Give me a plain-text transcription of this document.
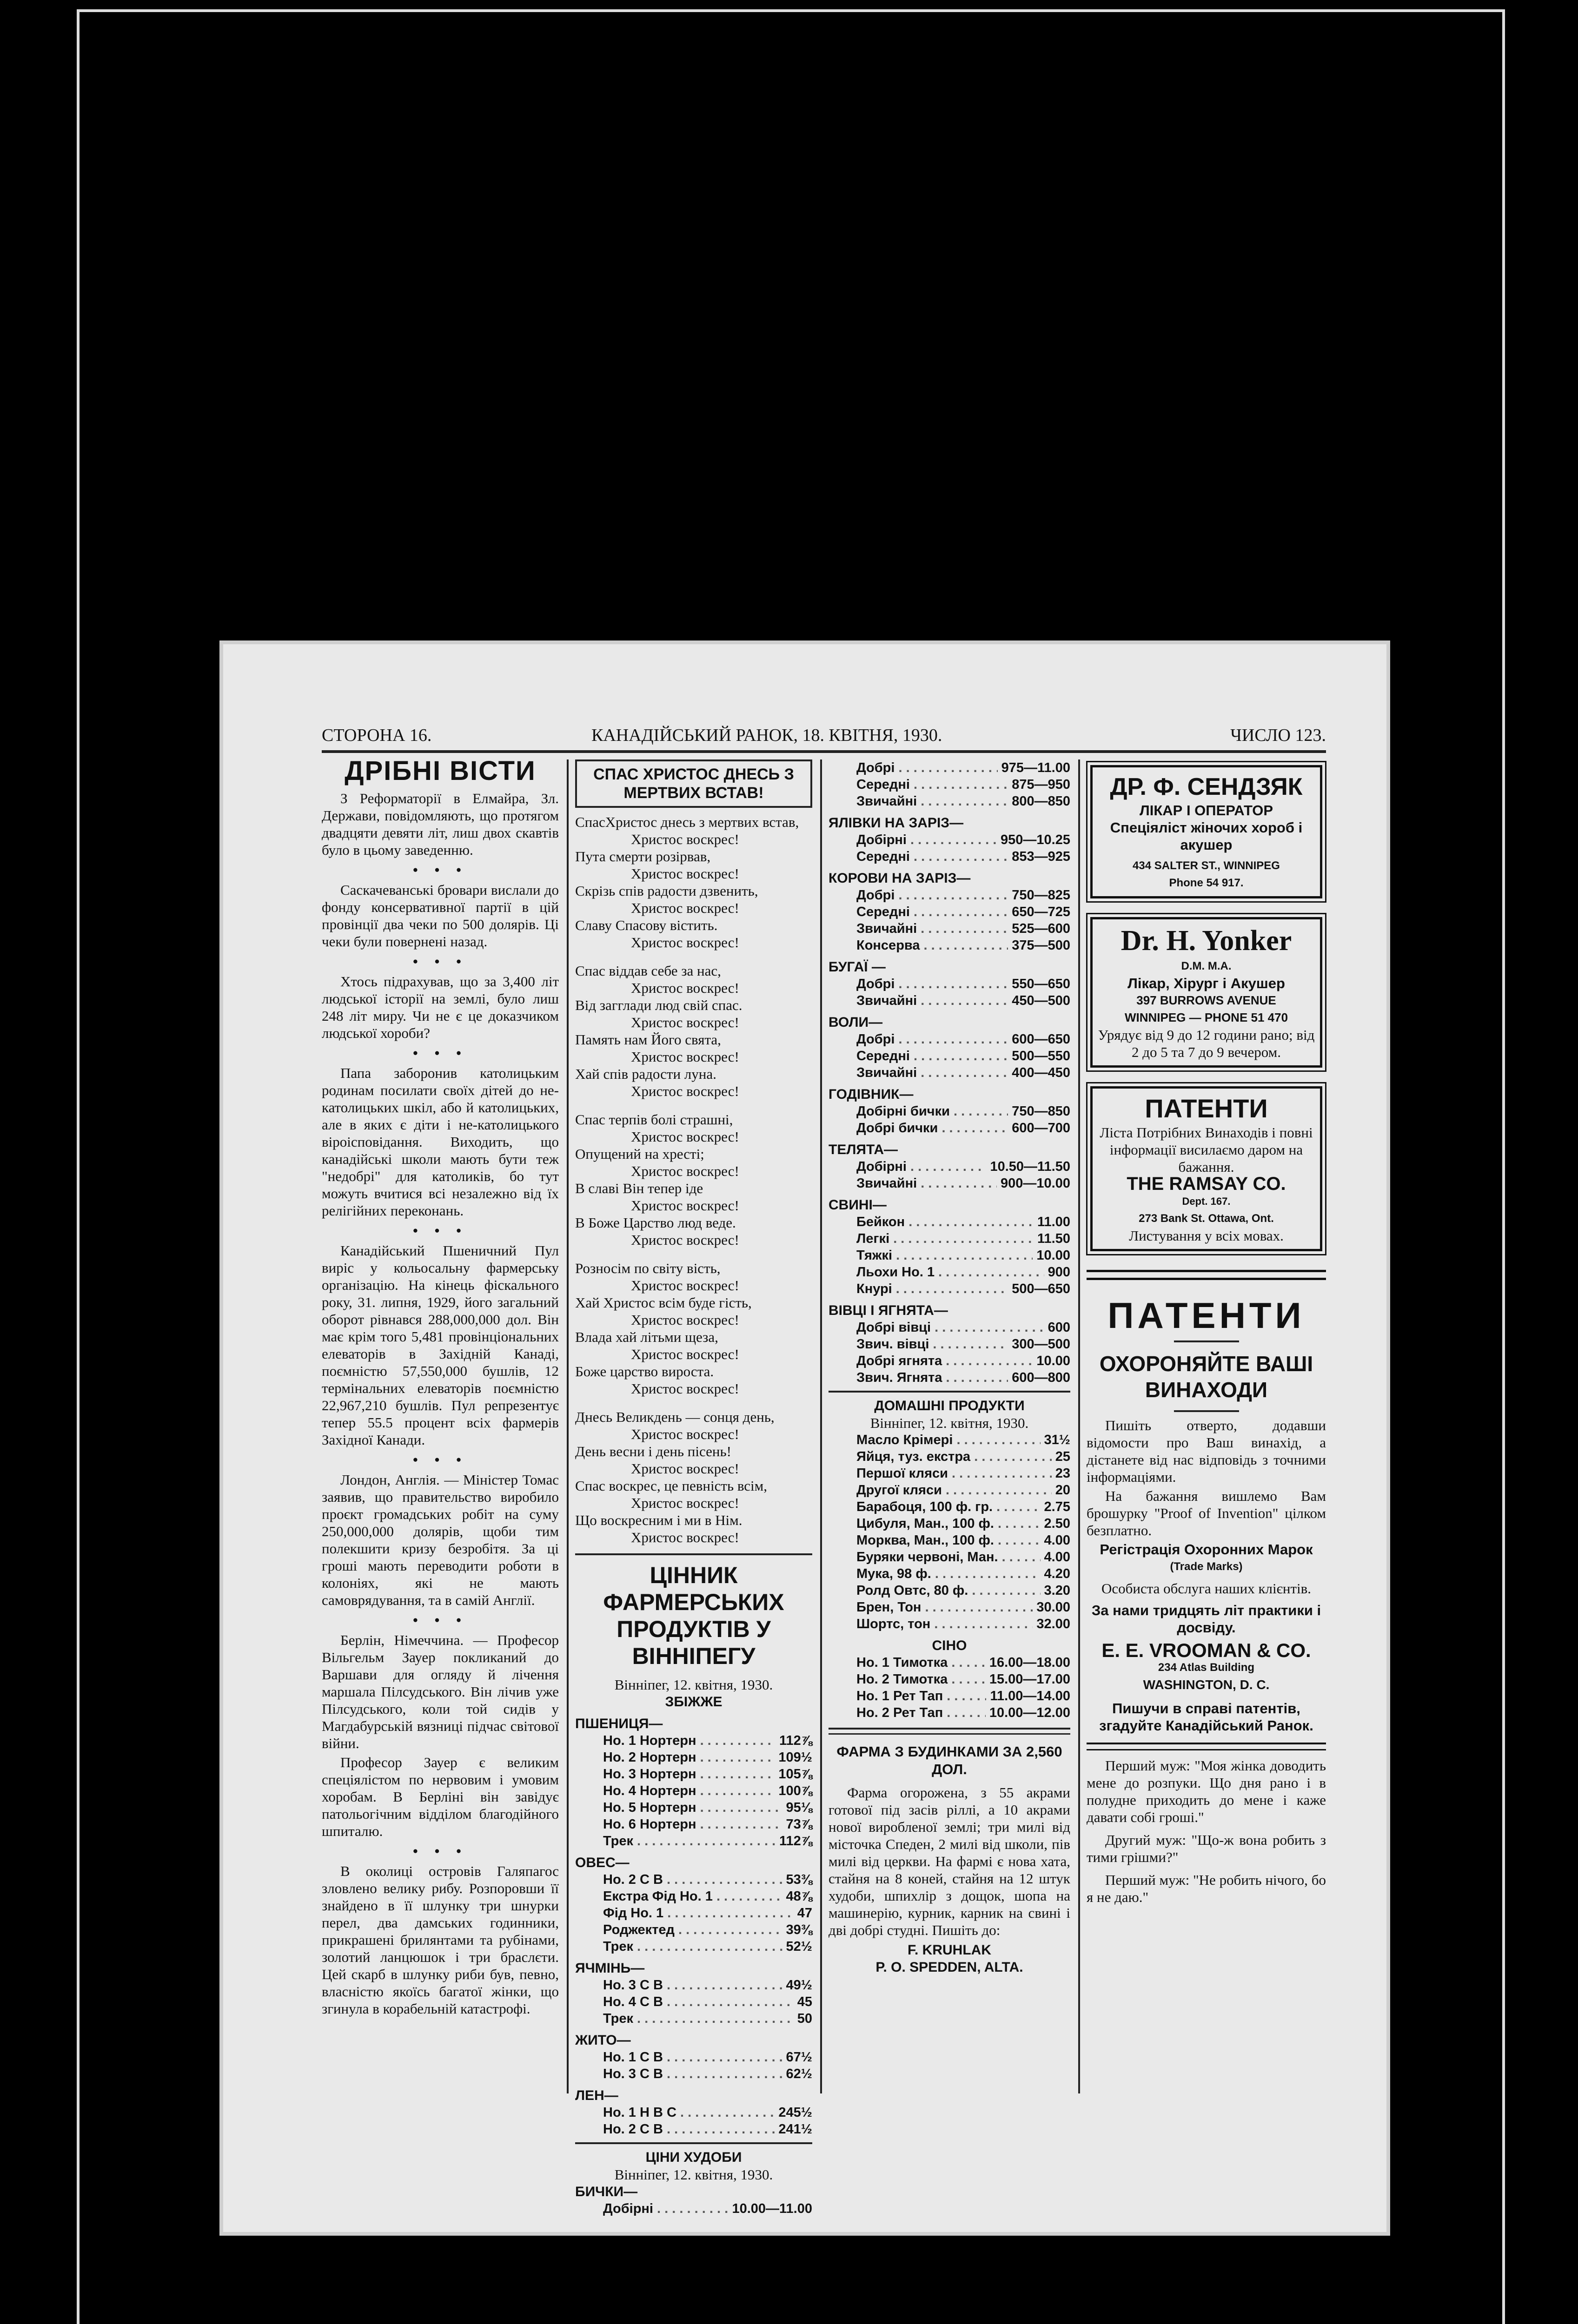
СТОРОНА 16.	КАНАДІЙСЬКИЙ РАНОК, 18. КВІТНЯ, 1930.	ЧИСЛО 123.
ДРІБНІ ВІСТИ

З Реформаторії в Елмайра, Зл. Держави, повідомляють, що протягом двадцяти девяти літ, лиш двох скавтів було в цьому заведенню.

• • •

Саскачеванські бровари вислали до фонду консервативної партії в цій провінції два чеки по 500 долярів. Ці чеки були повернені назад.

• • •

Хтось підрахував, що за 3,400 літ людської історії на землі, було лиш 248 літ миру. Чи не є це доказчиком людської хороби?

• • •

Папа заборонив католицьким родинам посилати своїх дітей до не-католицьких шкіл, або й католицьких, але в яких є діти і не-католицького віроісповідання. Виходить, що канадійські школи мають бути теж "недобрі" для католиків, бо тут можуть вчитися всі незалежно від їх релігійних переконань.

• • •

Канадійський Пшеничний Пул виріс у кольосальну фармерську організацію. На кінець фіскального року, 31. липня, 1929, його загальний оборот рівнався 288,000,000 дол. Він має крім того 5,481 провінціональних елеваторів в Західній Канаді, поємністю 57,550,000 бушлів, 12 термінальних елеваторів поємністю 22,967,210 бушлів. Пул репрезентує тепер 55.5 процент всіх фармерів Західної Канади.

• • •

Лондон, Англія. — Міністер Томас заявив, що правительство виробило проєкт громадських робіт на суму 250,000,000 долярів, щоби тим полекшити кризу безробітя. За ці гроші мають переводити роботи в колоніях, які не мають самоврядування, та в самій Англії.

• • •

Берлін, Німеччина. — Професор Вільгельм Зауер покликаний до Варшави для огляду й лічення маршала Пілсудського. Він лічив уже Пілсудського, коли той сидів у Магдабурській вязниці підчас світової війни.

Професор Зауер є великим спеціялістом по нервовим і умовим хоробам. В Берліні він завідує патольогічним відділом благодійного шпиталю.

• • •

В околиці островів Галяпагос зловлено велику рибу. Розпоровши її знайдено в її шлунку три шнурки перел, два дамських годинники, прикрашені брилянтами та рубінами, золотий ланцюшок і три браслєти. Цей скарб в шлунку риби був, певно, власністю якоїсь багатої жінки, що згинула в корабельній катастрофі.

СПАС ХРИСТОС ДНЕСЬ З МЕРТВИХ ВСТАВ!
СпасХристос днесь з мертвих встав,
Христос воскрес!
Пута смерти розірвав,
Христос воскрес!
Скрізь спів радости дзвенить,
Христос воскрес!
Славу Спасову вістить.
Христос воскрес!
Спас віддав себе за нас,
Христос воскрес!
Від загглади люд свій спас.
Христос воскрес!
Память нам Його свята,
Христос воскрес!
Хай спів радости луна.
Христос воскрес!
Спас терпів болі страшні,
Христос воскрес!
Опущений на хресті;
Христос воскрес!
В славі Він тепер іде
Христос воскрес!
В Боже Царство люд веде.
Христос воскрес!
Розносім по світу вість,
Христос воскрес!
Хай Христос всім буде гість,
Христос воскрес!
Влада хай літьми щеза,
Христос воскрес!
Боже царство вироста.
Христос воскрес!
Днесь Великдень — сонця день,
Христос воскрес!
День весни і день пісень!
Христос воскрес!
Спас воскрес, це певність всім,
Христос воскрес!
Що воскресним і ми в Нім.
Христос воскрес!
ЦІННИК ФАРМЕРСЬКИХ ПРОДУКТІВ У ВІННІПЕГУ
Вінніпег, 12. квітня, 1930.
ЗБІЖЖЕ
ПШЕНИЦЯ—
Но. 1 Нортерн . . .	112⅞
Но. 2 Нортерн . . .	109½
Но. 3 Нортерн . . .	105⅞
Но. 4 Нортерн . . .	100⅞
Но. 5 Нортерн . . .	95⅛
Но. 6 Нортерн . . .	73⅞
Трек . . .	112⅞
ОВЕС—
Но. 2 С В . . .	53⅜
Екстра Фід Но. 1 . . .	48⅞
Фід Но. 1 . . .	47
Роджектед . . .	39⅜
Трек . . .	52½
ЯЧМІНЬ—
Но. 3 С В . . .	49½
Но. 4 С В . . .	45
Трек . . .	50
ЖИТО—
Но. 1 С В . . .	67½
Но. 3 С В . . .	62½
ЛЕН—
Но. 1 Н В С . . .	245½
Но. 2 С В . . .	241½
ЦІНИ ХУДОБИ
Вінніпег, 12. квітня, 1930.
БИЧКИ—
Добірні . . .	10.00—11.00
Добрі . . .	975—11.00
Середні . . .	875—950
Звичайні . . .	800—850
ЯЛІВКИ НА ЗАРІЗ—
Добірні . . .	950—10.25
Середні . . .	853—925
КОРОВИ НА ЗАРІЗ—
Добрі . . .	750—825
Середні . . .	650—725
Звичайні . . .	525—600
Консерва . . .	375—500
БУГАЇ —
Добрі . . .	550—650
Звичайні . . .	450—500
ВОЛИ—
Добрі . . .	600—650
Середні . . .	500—550
Звичайні . . .	400—450
ГОДІВНИК—
Добірні бички . . .	750—850
Добрі бички . . .	600—700
ТЕЛЯТА—
Добірні . . .	10.50—11.50
Звичайні . . .	900—10.00
СВИНІ—
Бейкон . . .	11.00
Легкі . . .	11.50
Тяжкі . . .	10.00
Льохи Но. 1 . . .	900
Кнурі . . .	500—650
ВІВЦІ І ЯГНЯТА—
Добрі вівці . . .	600
Звич. вівці . . .	300—500
Добрі ягнята . . .	10.00
Звич. Ягнята . . .	600—800
ДОМАШНІ ПРОДУКТИ
Вінніпег, 12. квітня, 1930.
Масло Крімері . . .	31½
Яйця, туз. екстра . . .	25
Першої кляси . . .	23
Другої кляси . . .	20
Барабоця, 100 ф. гр. . . .	2.75
Цибуля, Ман., 100 ф. . . .	2.50
Морква, Ман., 100 ф. . . .	4.00
Буряки червоні, Ман. . . .	4.00
Мука, 98 ф. . . .	4.20
Ролд Овтс, 80 ф. . . .	3.20
Брен, Тон . . .	30.00
Шортс, тон . . .	32.00
СІНО
Но. 1 Тимотка . . .	16.00—18.00
Но. 2 Тимотка . . .	15.00—17.00
Но. 1 Рет Тап . . .	11.00—14.00
Но. 2 Рет Тап . . .	10.00—12.00
ФАРМА З БУДИНКАМИ ЗА 2,560 ДОЛ.

Фарма огорожена, з 55 акрами готової під засів ріллі, а 10 акрами нової виробленої землі; три милі від місточка Спеден, 2 милі від школи, пів милі від церкви. На фармі є нова хата, стайня на 8 коней, стайня на 12 штук худоби, шпихлір з дощок, шопа на машинерію, курник, карник на свині і дві добрі студні. Пишіть до:

F. KRUHLAK
P. O. SPEDDEN, ALTA.
ДР. Ф. СЕНДЗЯК
ЛІКАР І ОПЕРАТОР
Спеціяліст жіночих хороб і акушер
434 SALTER ST., WINNIPEG
Phone 54 917.
Dr. H. Yonker
D.M. M.A.
Лікар, Хірург і Акушер
397 BURROWS AVENUE
WINNIPEG — PHONE 51 470
Урядує від 9 до 12 години рано; від 2 до 5 та 7 до 9 вечером.
ПАТЕНТИ
Ліста Потрібних Винаходів і повні інформації висилаємо даром на бажання.
THE RAMSAY CO.
Dept. 167.
273 Bank St. Ottawa, Ont.
Листування у всіх мовах.
ПАТЕНТИ
ОХОРОНЯЙТЕ ВАШІ ВИНАХОДИ

Пишіть отверто, додавши відомости про Ваш винахід, а дістанете від нас відповідь з точними інформаціями.

На бажання вишлемо Вам брошурку "Proof of Invention" цілком безплатно.

Регістрація Охоронних Марок
(Trade Marks)
Особиста обслуга наших клієнтів.
За нами тридцять літ практики і досвіду.
E. E. VROOMAN & CO.
234 Atlas Building
WASHINGTON, D. C.
Пишучи в справі патентів, згадуйте Канадійський Ранок.

Перший муж: "Моя жінка доводить мене до розпуки. Що дня рано і в полудне приходить до мене і каже давати собі гроші."

Другий муж: "Що-ж вона робить з тими грішми?"

Перший муж: "Не робить нічого, бо я не даю."
